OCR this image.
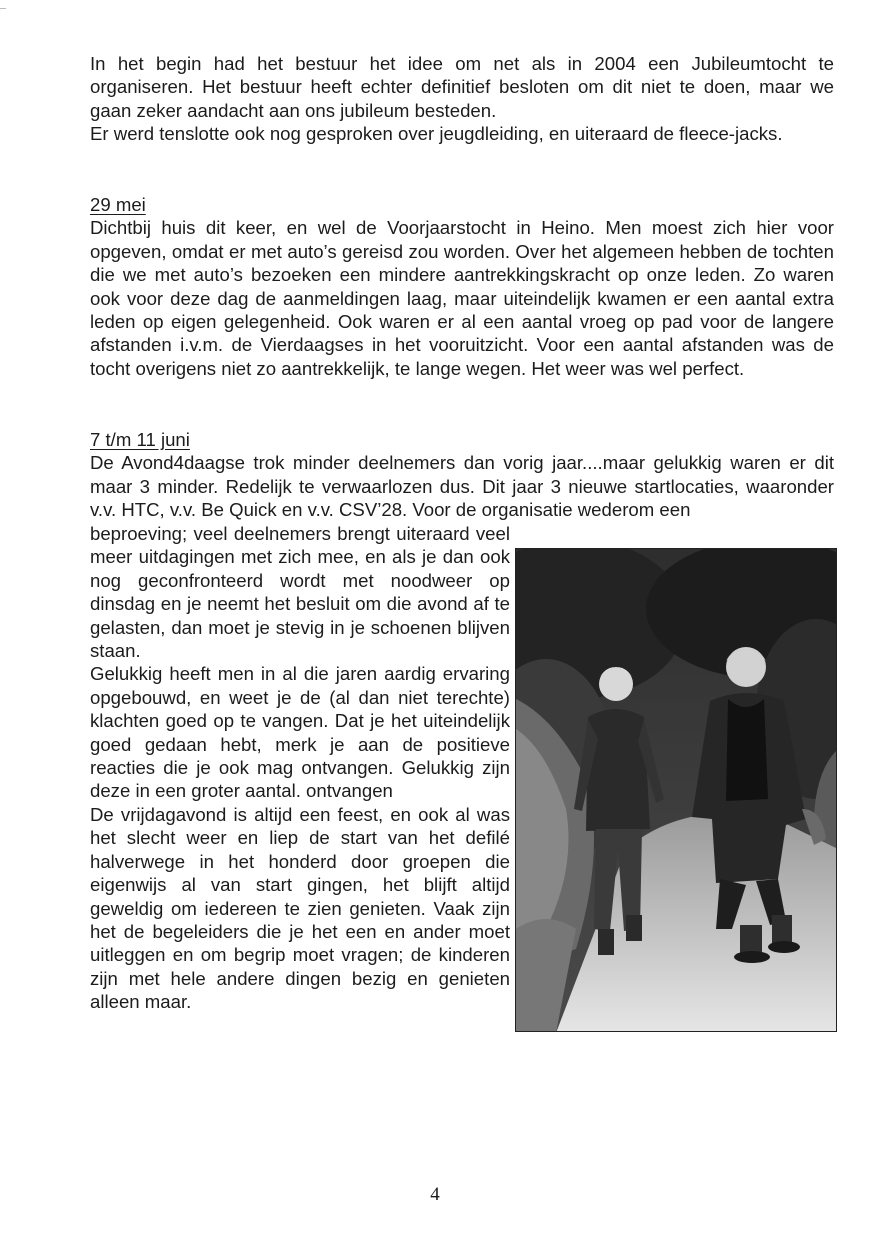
In het begin had het bestuur het idee om net als in 2004 een Jubileumtocht te organiseren. Het bestuur heeft echter definitief besloten om dit niet te doen, maar we gaan zeker aandacht aan ons jubileum besteden.

Er werd tenslotte ook nog gesproken over jeugdleiding, en uiteraard de fleece-jacks.

29 mei

Dichtbij huis dit keer, en wel de Voorjaarstocht in Heino. Men moest zich hier voor opgeven, omdat er met auto’s gereisd zou worden. Over het algemeen hebben de tochten die we met auto’s bezoeken een mindere aantrekkingskracht op onze leden. Zo waren ook voor deze dag de aanmeldingen laag, maar uiteindelijk kwamen er een aantal extra leden op eigen gelegenheid. Ook waren er al een aantal vroeg op pad voor de langere afstanden i.v.m. de Vierdaagses in het vooruitzicht. Voor een aantal afstanden was de tocht overigens niet zo aantrekkelijk, te lange wegen. Het weer was wel perfect.

7 t/m 11 juni

De Avond4daagse trok minder deelnemers dan vorig jaar....maar gelukkig waren er dit maar 3 minder. Redelijk te verwaarlozen dus. Dit jaar 3 nieuwe startlocaties, waaronder v.v. HTC, v.v. Be Quick en v.v. CSV’28. Voor de organisatie wederom een

beproeving; veel deelnemers brengt uiteraard veel meer uitdagingen met zich mee, en als je dan ook nog geconfronteerd wordt met noodweer op dinsdag en je neemt het besluit om die avond af te gelasten, dan moet je stevig in je schoenen blijven staan.

Gelukkig heeft men in al die jaren aardig ervaring opgebouwd, en weet je de (al dan niet terechte) klachten goed op te vangen. Dat je het uiteindelijk goed gedaan hebt, merk je aan de positieve reacties die je ook mag ontvangen. Gelukkig zijn deze in een groter aantal. ontvangen

De vrijdagavond is altijd een feest, en ook al was het slecht weer en liep de start van het defilé halverwege in het honderd door groepen die eigenwijs al van start gingen, het blijft altijd geweldig om iedereen te zien genieten. Vaak zijn het de begeleiders die je het een en ander moet uitleggen en om begrip moet vragen; de kinderen zijn met hele andere dingen bezig en genieten alleen maar.

4
